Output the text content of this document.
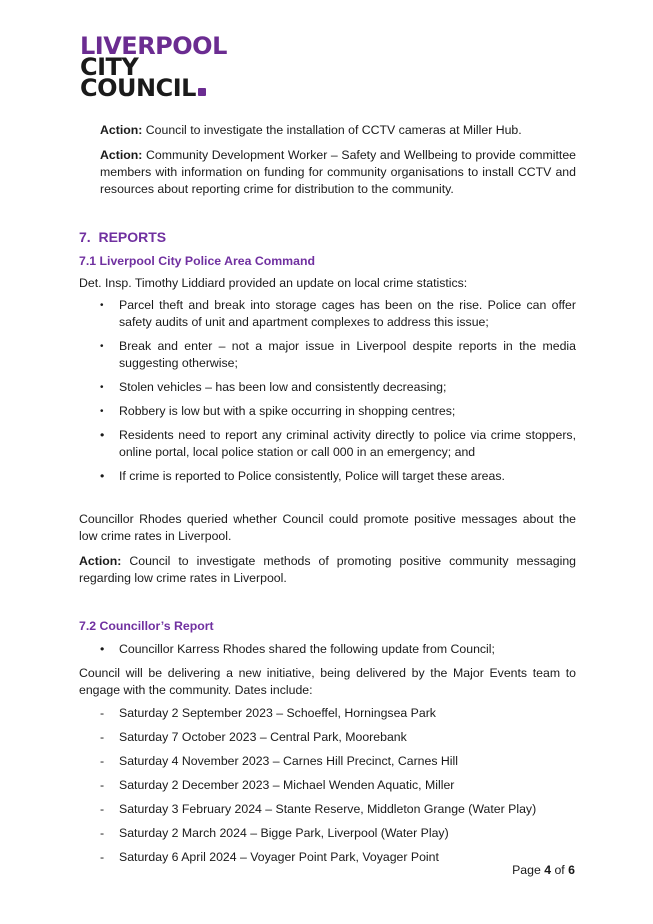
LIVERPOOL
CITY
COUNCIL

Action: Council to investigate the installation of CCTV cameras at Miller Hub.

Action: Community Development Worker – Safety and Wellbeing to provide committee members with information on funding for community organisations to install CCTV and resources about reporting crime for distribution to the community.

7. REPORTS

7.1 Liverpool City Police Area Command

Det. Insp. Timothy Liddiard provided an update on local crime statistics:

•	Parcel theft and break into storage cages has been on the rise. Police can offer safety audits of unit and apartment complexes to address this issue;
•	Break and enter – not a major issue in Liverpool despite reports in the media suggesting otherwise;
•	Stolen vehicles – has been low and consistently decreasing;
•	Robbery is low but with a spike occurring in shopping centres;
•	Residents need to report any criminal activity directly to police via crime stoppers, online portal, local police station or call 000 in an emergency; and
•	If crime is reported to Police consistently, Police will target these areas.

Councillor Rhodes queried whether Council could promote positive messages about the low crime rates in Liverpool.

Action: Council to investigate methods of promoting positive community messaging regarding low crime rates in Liverpool.

7.2 Councillor’s Report

•	Councillor Karress Rhodes shared the following update from Council;

Council will be delivering a new initiative, being delivered by the Major Events team to engage with the community. Dates include:

-	Saturday 2 September 2023 – Schoeffel, Horningsea Park
-	Saturday 7 October 2023 – Central Park, Moorebank
-	Saturday 4 November 2023 – Carnes Hill Precinct, Carnes Hill
-	Saturday 2 December 2023 – Michael Wenden Aquatic, Miller
-	Saturday 3 February 2024 – Stante Reserve, Middleton Grange (Water Play)
-	Saturday 2 March 2024 – Bigge Park, Liverpool (Water Play)
-	Saturday 6 April 2024 – Voyager Point Park, Voyager Point
Page 4 of 6
